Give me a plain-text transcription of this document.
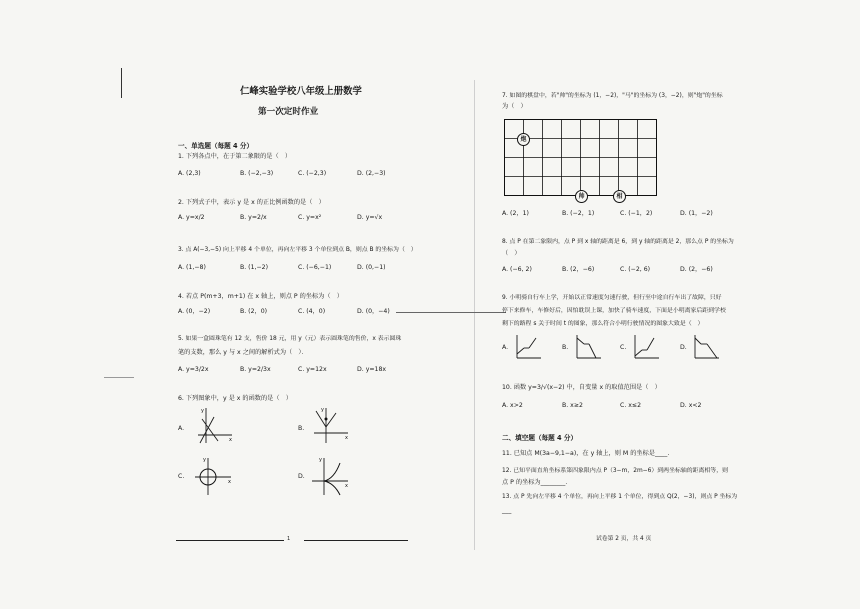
仁峰实验学校八年级上册数学
第一次定时作业
一、单选题（每题 4 分）
1. 下列各点中，在于第二象限的是（　）
A. (2,3)	B. (−2,−3)	C. (−2,3)	D. (2,−3)
2. 下列式子中，表示 y 是 x 的正比例函数的是（　）
A. y=x/2	B. y=2/x	C. y=x²	D. y=√x
3. 点 A(−3,−5) 向上平移 4 个单位，再向左平移 3 个单位到点 B，则点 B 的坐标为（　）
A. (1,−8)	B. (1,−2)	C. (−6,−1)	D. (0,−1)
4. 若点 P(m+3，m+1) 在 x 轴上，则点 P 的坐标为（　）
A. (0，−2)	B. (2，0)	C. (4，0)	D. (0，−4)
5. 如果一盒圆珠笔有 12 支，售价 18 元，用 y（元）表示圆珠笔的售价，x 表示圆珠
笔的支数，那么 y 与 x 之间的解析式为（　）．
A. y=3/2x	B. y=2/3x	C. y=12x	D. y=18x
6. 下列图象中，y 是 x 的函数的是（　）
A.
y
x
B.
y
x
C.
y
x
D.
y
x
1
7. 如图的棋盘中，若"帅"的坐标为 (1，−2)，"马"的坐标为 (3，−2)，则"炮"的坐标
为（　）
炮
帅	相
A. (2，1)	B. (−2，1)	C. (−1，2)	D. (1，−2)
8. 点 P 在第二象限内，点 P 到 x 轴的距离是 6，到 y 轴的距离是 2，那么点 P 的坐标为
（　）
A. (−6, 2)	B. (2，−6)	C. (−2, 6)	D. (2，−6)
9. 小明骑自行车上学，开始以正常速度匀速行驶，但行至中途自行车出了故障，只好
停下来修车，车修好后，因怕耽误上课，加快了骑车速度，下面是小明离家后距到学校
剩下的路程 s 关于时间 t 的图象，那么符合小明行驶情况的图象大致是（　）
A.	B.	C.	D.
10. 函数 y=3/√(x−2) 中，自变量 x 的取值范围是（　）
A. x>2	B. x≥2	C. x≤2	D. x<2
二、填空题（每题 4 分）
11. 已知点 M(3a−9,1−a)，在 y 轴上，则 M 的坐标是____.
12. 已知平面直角坐标系第四象限内点 P（3−m，2m−6）到两坐标轴的距离相等，则
点 P 的坐标为________．
13. 点 P 先向左平移 4 个单位，再向上平移 1 个单位，得到点 Q(2，−3)，则点 P 坐标为
___
试卷第 2 页，共 4 页
